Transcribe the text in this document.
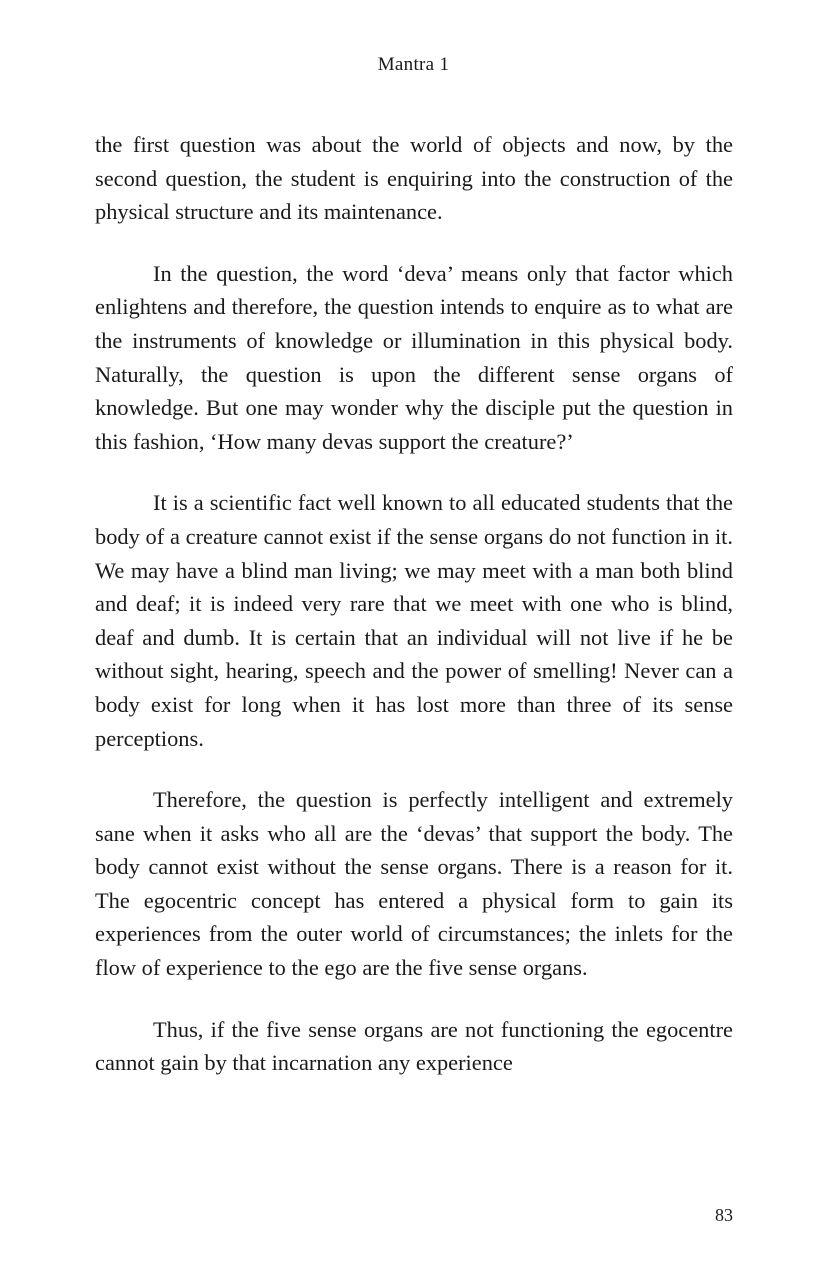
Mantra 1

the first question was about the world of objects and now, by the second question, the student is enquiring into the construction of the physical structure and its maintenance.

In the question, the word ‘deva’ means only that factor which enlightens and therefore, the question intends to enquire as to what are the instruments of knowledge or illumination in this physical body. Naturally, the question is upon the different sense organs of knowledge. But one may wonder why the disciple put the question in this fashion, ‘How many devas support the creature?’

It is a scientific fact well known to all educated students that the body of a creature cannot exist if the sense organs do not function in it. We may have a blind man living; we may meet with a man both blind and deaf; it is indeed very rare that we meet with one who is blind, deaf and dumb. It is certain that an individual will not live if he be without sight, hearing, speech and the power of smelling! Never can a body exist for long when it has lost more than three of its sense perceptions.

Therefore, the question is perfectly intelligent and extremely sane when it asks who all are the ‘devas’ that support the body. The body cannot exist without the sense organs. There is a reason for it. The egocentric concept has entered a physical form to gain its experiences from the outer world of circumstances; the inlets for the flow of experience to the ego are the five sense organs.

Thus, if the five sense organs are not functioning the egocentre cannot gain by that incarnation any experience

83
